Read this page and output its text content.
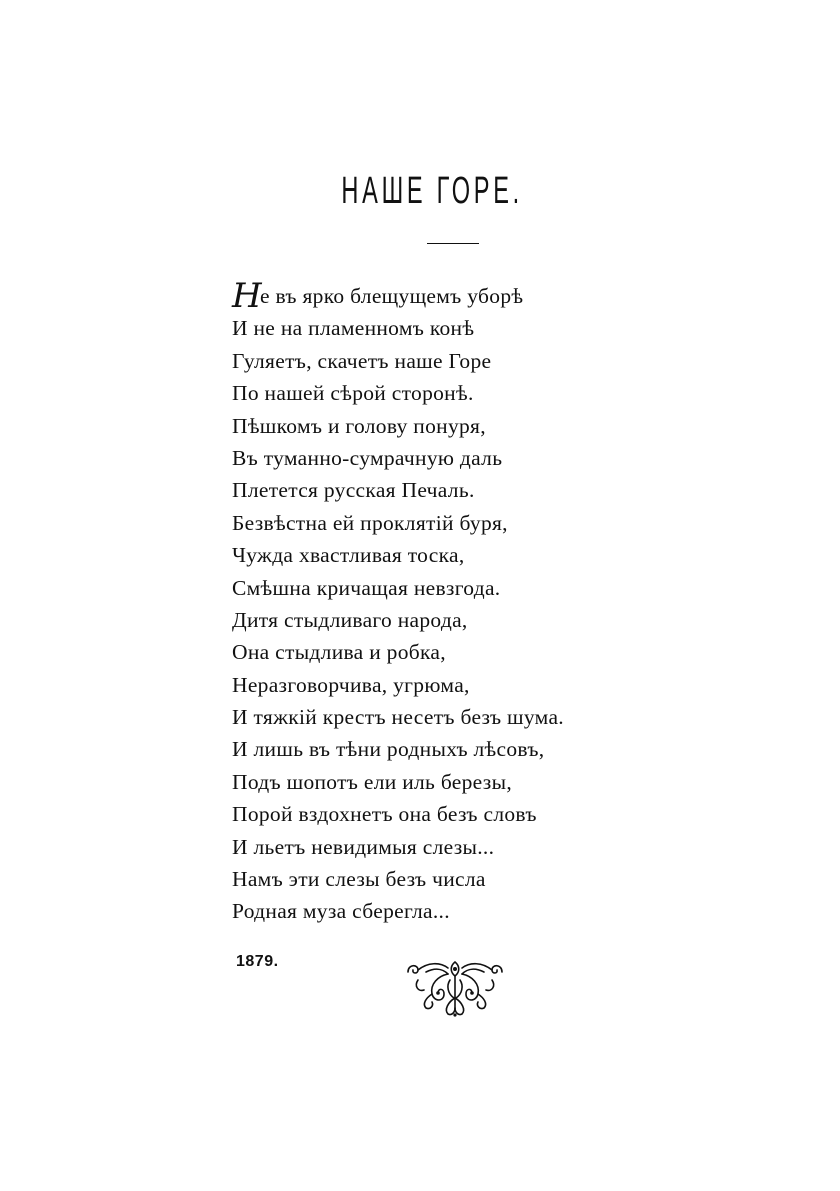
НАШЕ ГОРЕ.
Не въ ярко блещущемъ уборѣ
И не на пламенномъ конѣ
Гуляетъ, скачетъ наше Горе
По нашей сѣрой сторонѣ.
Пѣшкомъ и голову понуря,
Въ туманно-сумрачную даль
Плетется русская Печаль.
Безвѣстна ей проклятій буря,
Чужда хвастливая тоска,
Смѣшна кричащая невзгода.
Дитя стыдливаго народа,
Она стыдлива и робка,
Неразговорчива, угрюма,
И тяжкій крестъ несетъ безъ шума.
И лишь въ тѣни родныхъ лѣсовъ,
Подъ шопотъ ели иль березы,
Порой вздохнетъ она безъ словъ
И льетъ невидимыя слезы...
Намъ эти слезы безъ числа
Родная муза сберегла...
1879.
